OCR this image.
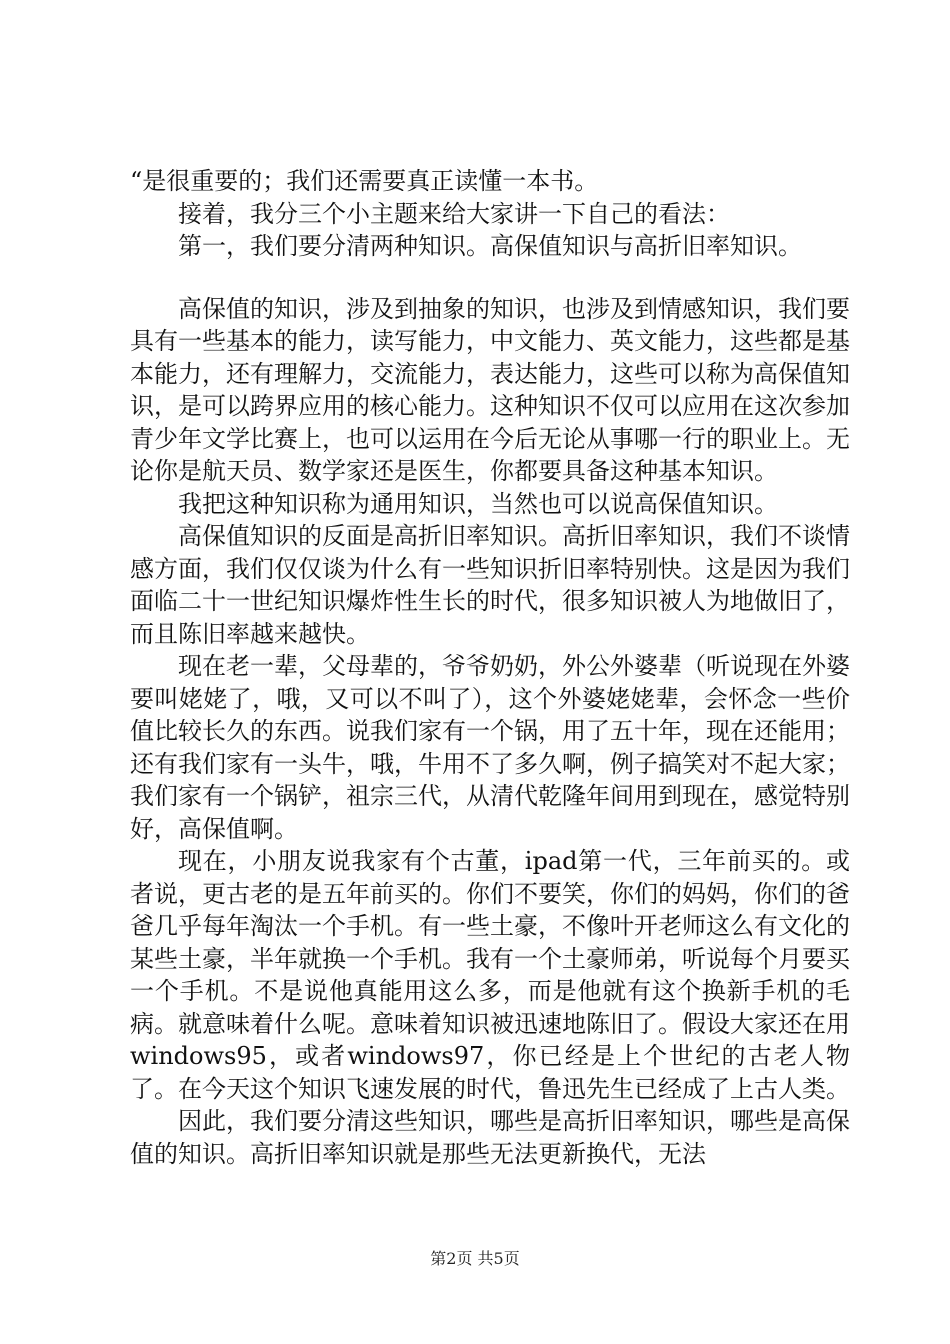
“是很重要的；我们还需要真正读懂一本书。

接着，我分三个小主题来给大家讲一下自己的看法：

第一，我们要分清两种知识。高保值知识与高折旧率知识。

高保值的知识，涉及到抽象的知识，也涉及到情感知识，我们要具有一些基本的能力，读写能力，中文能力、英文能力，这些都是基本能力，还有理解力，交流能力，表达能力，这些可以称为高保值知识，是可以跨界应用的核心能力。这种知识不仅可以应用在这次参加青少年文学比赛上，也可以运用在今后无论从事哪一行的职业上。无论你是航天员、数学家还是医生，你都要具备这种基本知识。

我把这种知识称为通用知识，当然也可以说高保值知识。

高保值知识的反面是高折旧率知识。高折旧率知识，我们不谈情感方面，我们仅仅谈为什么有一些知识折旧率特别快。这是因为我们面临二十一世纪知识爆炸性生长的时代，很多知识被人为地做旧了，而且陈旧率越来越快。

现在老一辈，父母辈的，爷爷奶奶，外公外婆辈（听说现在外婆要叫姥姥了，哦，又可以不叫了），这个外婆姥姥辈，会怀念一些价值比较长久的东西。说我们家有一个锅，用了五十年，现在还能用；还有我们家有一头牛，哦，牛用不了多久啊，例子搞笑对不起大家；我们家有一个锅铲，祖宗三代，从清代乾隆年间用到现在，感觉特别好，高保值啊。

现在，小朋友说我家有个古董，ipad第一代，三年前买的。或者说，更古老的是五年前买的。你们不要笑，你们的妈妈，你们的爸爸几乎每年淘汰一个手机。有一些土豪，不像叶开老师这么有文化的某些土豪，半年就换一个手机。我有一个土豪师弟，听说每个月要买一个手机。不是说他真能用这么多，而是他就有这个换新手机的毛病。就意味着什么呢。意味着知识被迅速地陈旧了。假设大家还在用windows95，或者windows97，你已经是上个世纪的古老人物了。在今天这个知识飞速发展的时代，鲁迅先生已经成了上古人类。

因此，我们要分清这些知识，哪些是高折旧率知识，哪些是高保值的知识。高折旧率知识就是那些无法更新换代，无法

第2页 共5页
